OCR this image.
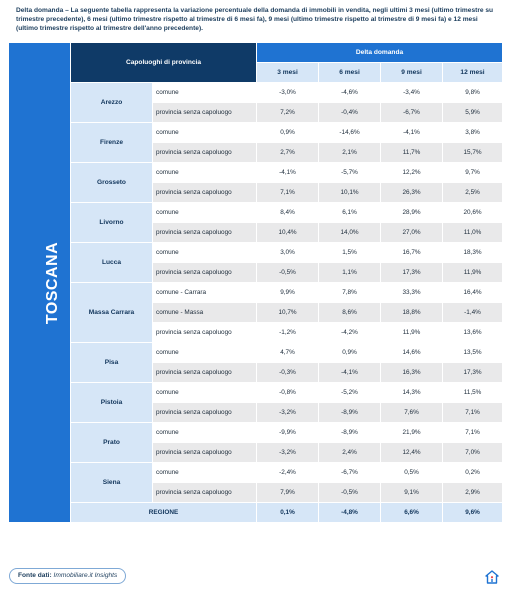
Delta domanda – La seguente tabella rappresenta la variazione percentuale della domanda di immobili in vendita, negli ultimi 3 mesi (ultimo trimestre su trimestre precedente), 6 mesi (ultimo trimestre rispetto al trimestre di 6 mesi fa), 9 mesi (ultimo trimestre rispetto al trimestre di 9 mesi fa) e 12 mesi (ultimo trimestre rispetto al trimestre dell'anno precedente).
TOSCANA	Capoluoghi di provincia		Delta domanda			
			3 mesi	6 mesi	9 mesi	12 mesi
	Arezzo	comune	-3,0%	-4,6%	-3,4%	9,8%
		provincia senza capoluogo	7,2%	-0,4%	-6,7%	5,9%
	Firenze	comune	0,9%	-14,6%	-4,1%	3,8%
		provincia senza capoluogo	2,7%	2,1%	11,7%	15,7%
	Grosseto	comune	-4,1%	-5,7%	12,2%	9,7%
		provincia senza capoluogo	7,1%	10,1%	26,3%	2,5%
	Livorno	comune	8,4%	6,1%	28,9%	20,6%
		provincia senza capoluogo	10,4%	14,0%	27,0%	11,0%
	Lucca	comune	3,0%	1,5%	16,7%	18,3%
		provincia senza capoluogo	-0,5%	1,1%	17,3%	11,9%
	Massa Carrara	comune - Carrara	9,9%	7,8%	33,3%	16,4%
		comune - Massa	10,7%	8,6%	18,8%	-1,4%
		provincia senza capoluogo	-1,2%	-4,2%	11,9%	13,6%
	Pisa	comune	4,7%	0,9%	14,6%	13,5%
		provincia senza capoluogo	-0,3%	-4,1%	16,3%	17,3%
	Pistoia	comune	-0,8%	-5,2%	14,3%	11,5%
		provincia senza capoluogo	-3,2%	-8,9%	7,6%	7,1%
	Prato	comune	-9,9%	-8,9%	21,9%	7,1%
		provincia senza capoluogo	-3,2%	2,4%	12,4%	7,0%
	Siena	comune	-2,4%	-6,7%	0,5%	0,2%
		provincia senza capoluogo	7,9%	-0,5%	9,1%	2,9%
	REGIONE		0,1%	-4,8%	6,6%	9,6%
Fonte dati: Immobiliare.it Insights
